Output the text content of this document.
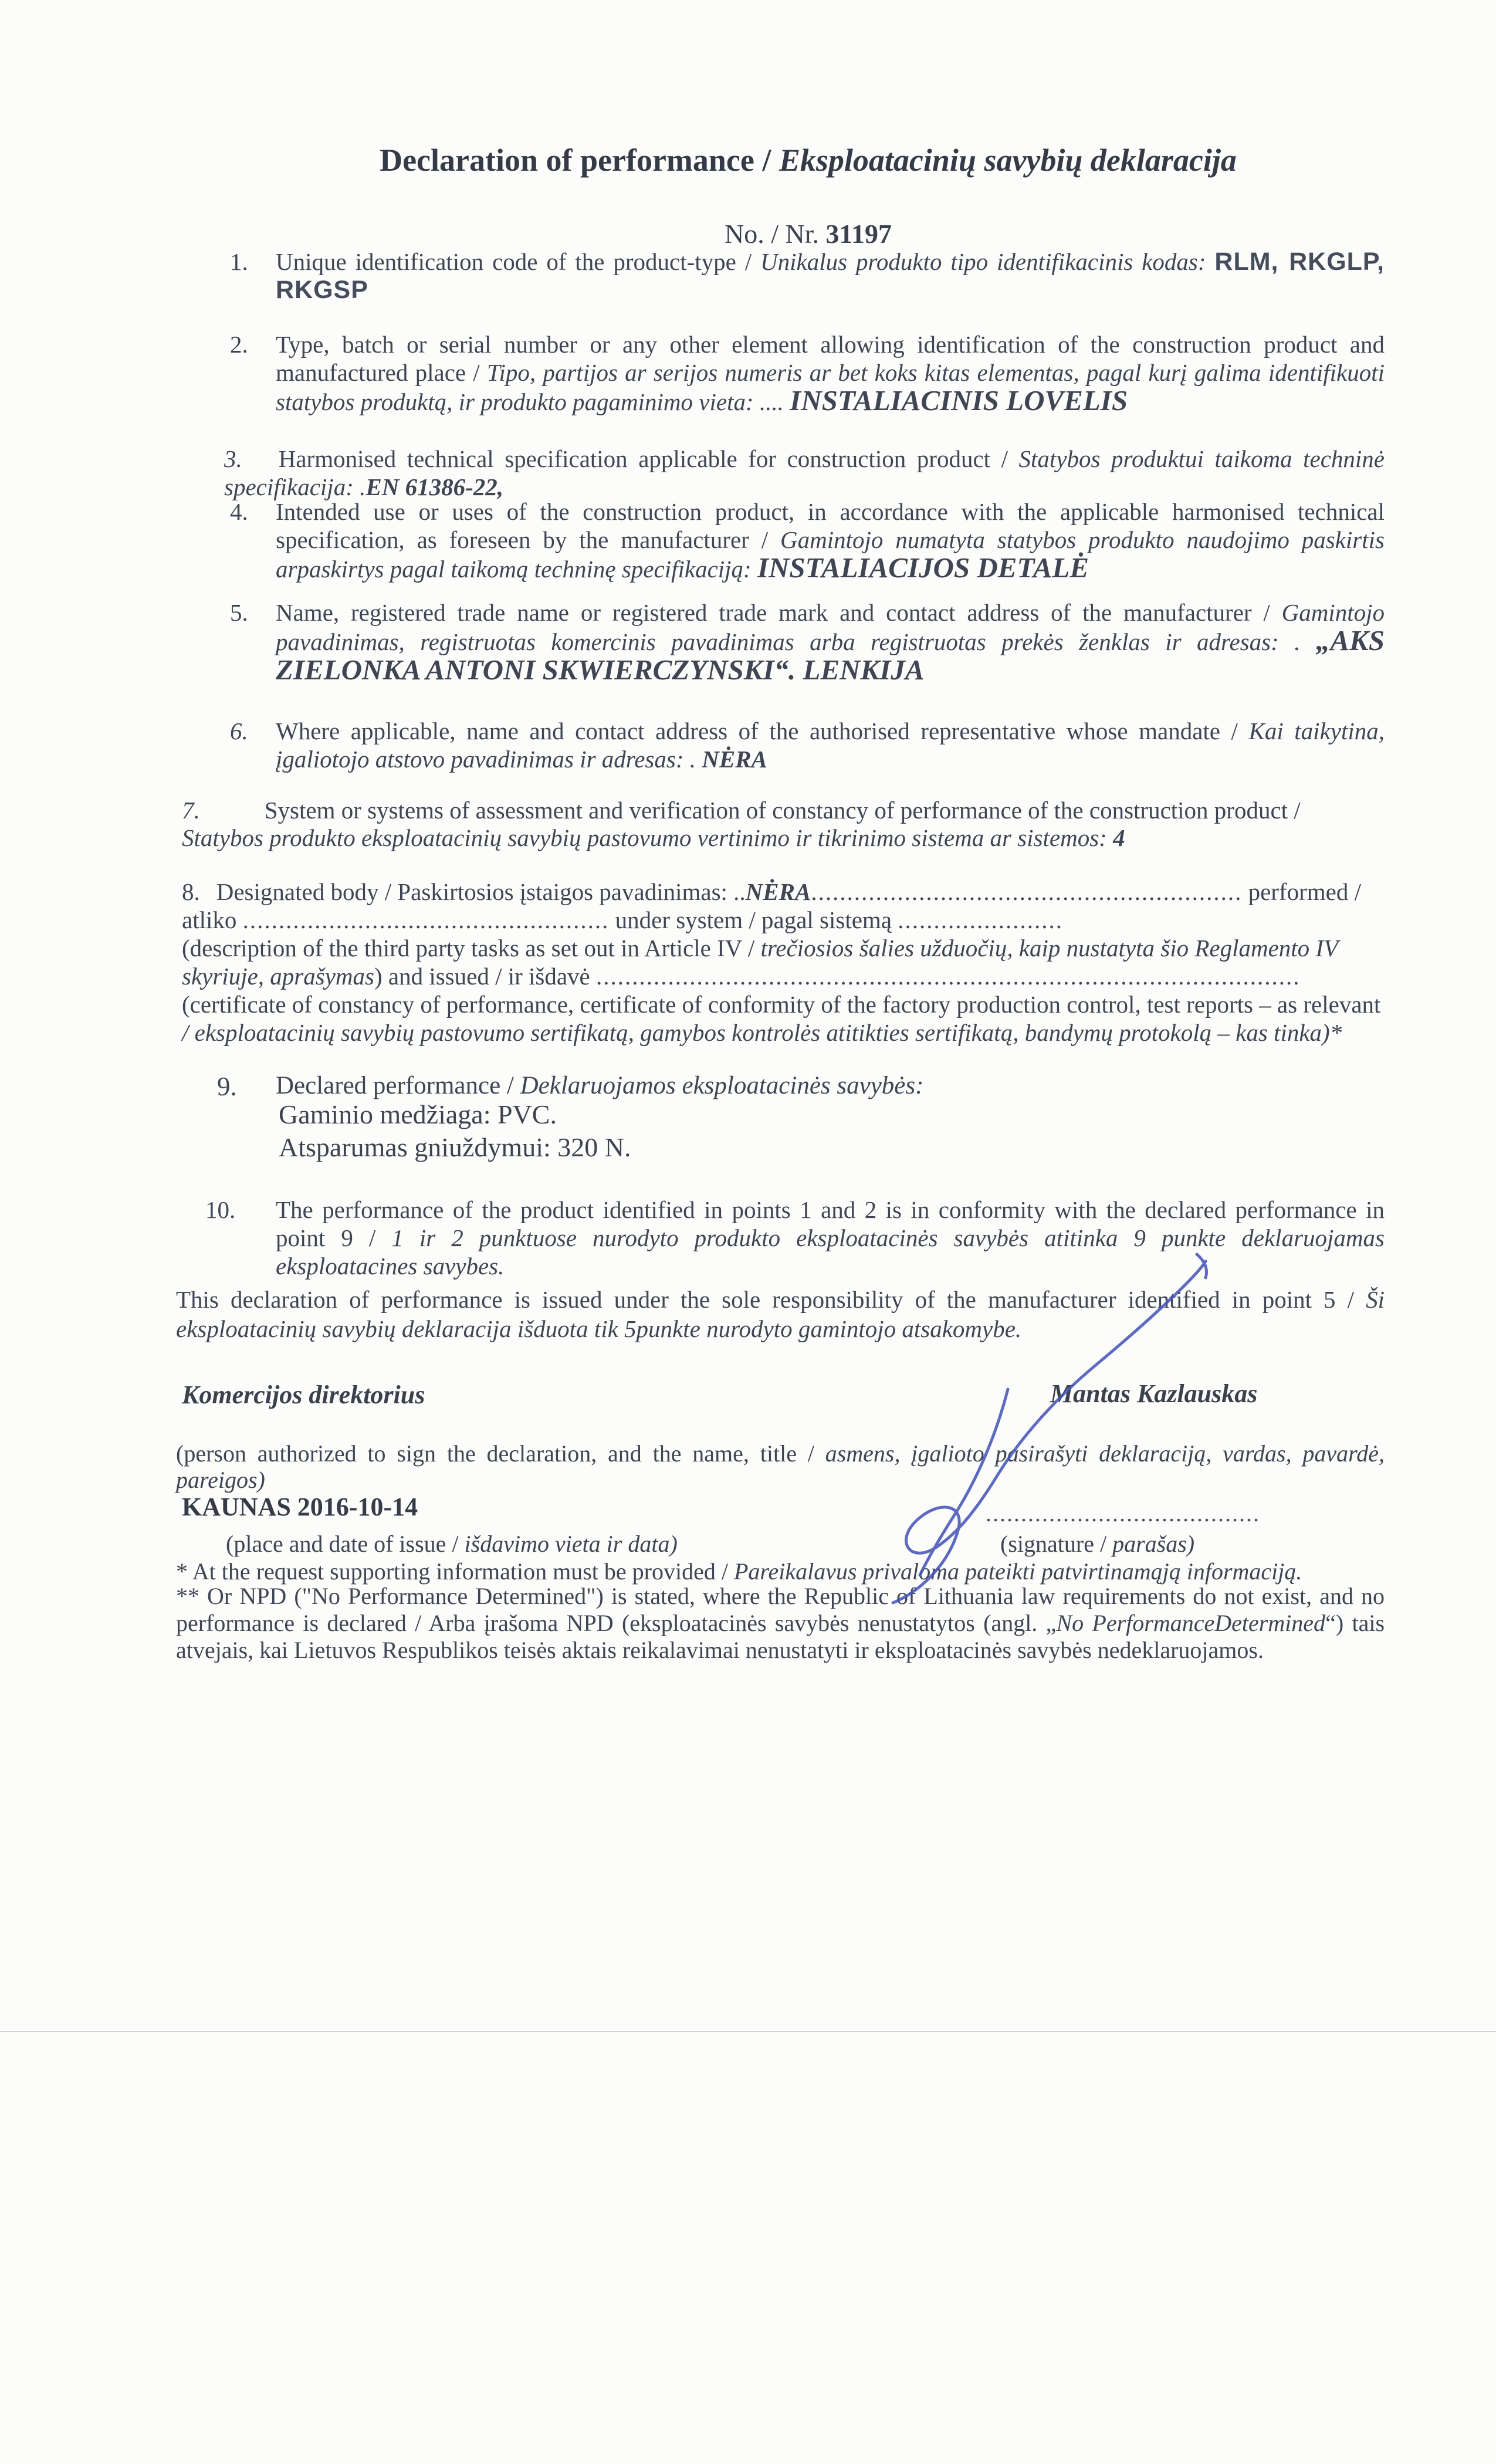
Declaration of performance / Eksploatacinių savybių deklaracija
No. / Nr. 31197
1. Unique identification code of the product-type / Unikalus produkto tipo identifikacinis kodas: RLM, RKGLP, RKGSP
2. Type, batch or serial number or any other element allowing identification of the construction product and manufactured place / Tipo, partijos ar serijos numeris ar bet koks kitas elementas, pagal kurį galima identifikuoti statybos produktą, ir produkto pagaminimo vieta: .... INSTALIACINIS LOVELIS
3. Harmonised technical specification applicable for construction product / Statybos produktui taikoma techninė specifikacija: .EN 61386-22,
4. Intended use or uses of the construction product, in accordance with the applicable harmonised technical specification, as foreseen by the manufacturer / Gamintojo numatyta statybos produkto naudojimo paskirtis arpaskirtys pagal taikomą techninę specifikaciją: INSTALIACIJOS DETALĖ
5. Name, registered trade name or registered trade mark and contact address of the manufacturer / Gamintojo pavadinimas, registruotas komercinis pavadinimas arba registruotas prekės ženklas ir adresas: . „AKS ZIELONKA ANTONI SKWIERCZYNSKI“. LENKIJA
6. Where applicable, name and contact address of the authorised representative whose mandate / Kai taikytina, įgaliotojo atstovo pavadinimas ir adresas: . NĖRA
7.	System or systems of assessment and verification of constancy of performance of the construction product /
Statybos produkto eksploatacinių savybių pastovumo vertinimo ir tikrinimo sistema ar sistemos: 4
8. Designated body / Paskirtosios įstaigos pavadinimas: ..NĖRA............................................................ performed /
atliko ................................................... under system / pagal sistemą .......................
(description of the third party tasks as set out in Article IV / trečiosios šalies užduočių, kaip nustatyta šio Reglamento IV
skyriuje, aprašymas) and issued / ir išdavė ..................................................................................................
(certificate of constancy of performance, certificate of conformity of the factory production control, test reports – as relevant
/ eksploatacinių savybių pastovumo sertifikatą, gamybos kontrolės atitikties sertifikatą, bandymų protokolą – kas tinka)*
9. Declared performance / Deklaruojamos eksploatacinės savybės:
Gaminio medžiaga: PVC.
Atsparumas gniuždymui: 320 N.
10. The performance of the product identified in points 1 and 2 is in conformity with the declared performance in point 9 / 1 ir 2 punktuose nurodyto produkto eksploatacinės savybės atitinka 9 punkte deklaruojamas eksploatacines savybes.
This declaration of performance is issued under the sole responsibility of the manufacturer identified in point 5 / Ši eksploatacinių savybių deklaracija išduota tik 5punkte nurodyto gamintojo atsakomybe.
Komercijos direktorius	Mantas Kazlauskas
(person authorized to sign the declaration, and the name, title / asmens, įgalioto pasirašyti deklaraciją, vardas, pavardė, pareigos)
KAUNAS 2016-10-14	.......................................
(place and date of issue / išdavimo vieta ir data)	(signature / parašas)
* At the request supporting information must be provided / Pareikalavus privaloma pateikti patvirtinamąją informaciją.
** Or NPD ("No Performance Determined") is stated, where the Republic of Lithuania law requirements do not exist, and no performance is declared / Arba įrašoma NPD (eksploatacinės savybės nenustatytos (angl. „No PerformanceDetermined“) tais atvejais, kai Lietuvos Respublikos teisės aktais reikalavimai nenustatyti ir eksploatacinės savybės nedeklaruojamos.
